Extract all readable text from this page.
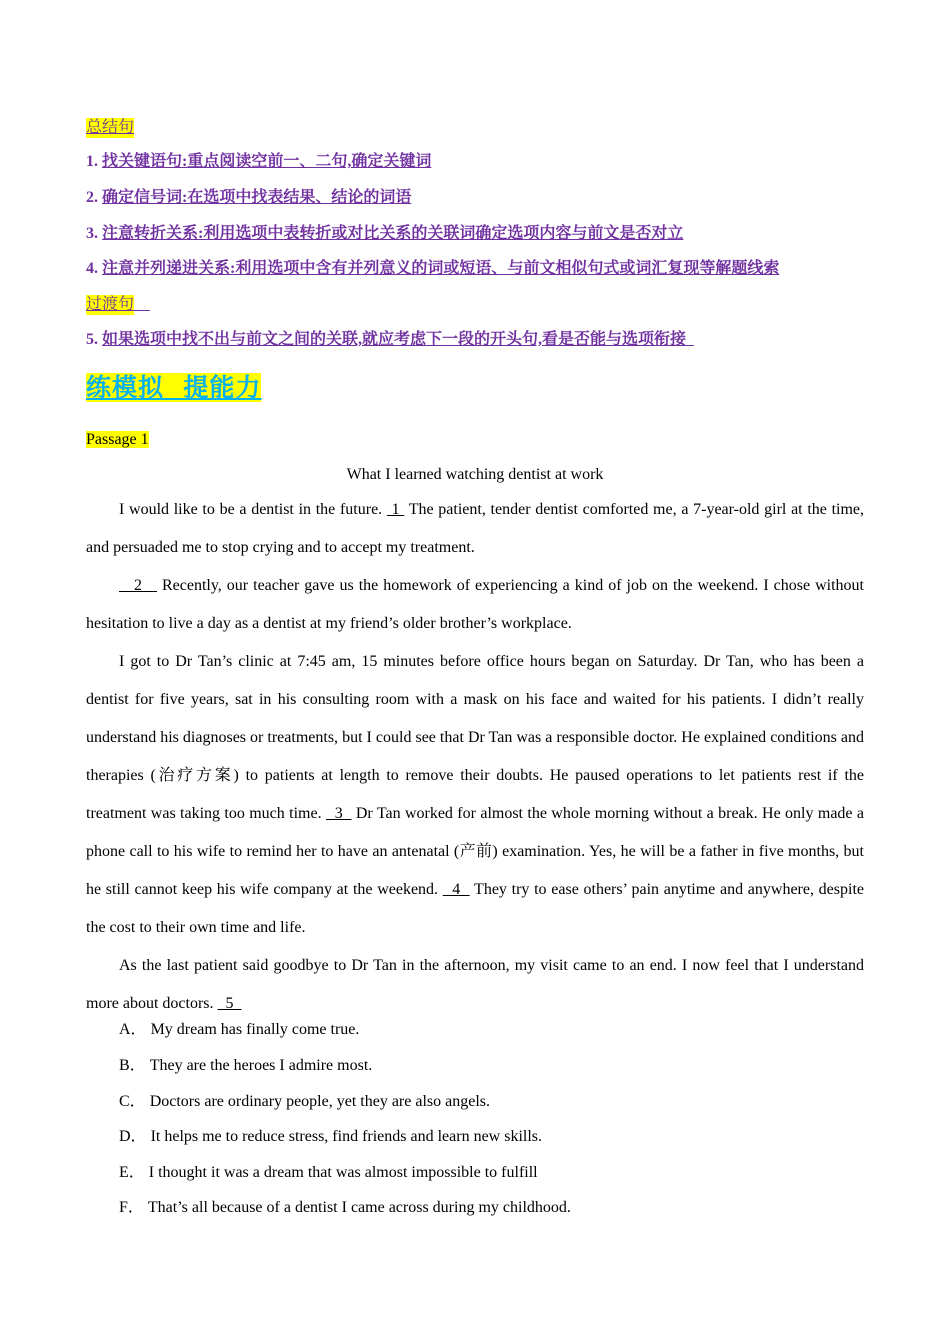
总结句
1. 找关键语句:重点阅读空前一、二句,确定关键词
2. 确定信号词:在选项中找表结果、结论的词语
3. 注意转折关系:利用选项中表转折或对比关系的关联词确定选项内容与前文是否对立
4. 注意并列递进关系:利用选项中含有并列意义的词或短语、与前文相似句式或词汇复现等解题线索
过渡句
5. 如果选项中找不出与前文之间的关联,就应考虑下一段的开头句,看是否能与选项衔接
练模拟  提能力
Passage 1
What I learned watching dentist at work

I would like to be a dentist in the future.  1  The patient, tender dentist comforted me, a 7-year-old girl at the time, and persuaded me to stop crying and to accept my treatment.

2    Recently, our teacher gave us the homework of experiencing a kind of job on the weekend. I chose without hesitation to live a day as a dentist at my friend’s older brother’s workplace.

I got to Dr Tan’s clinic at 7:45 am, 15 minutes before office hours began on Saturday. Dr Tan, who has been a dentist for five years, sat in his consulting room with a mask on his face and waited for his patients. I didn’t really understand his diagnoses or treatments, but I could see that Dr Tan was a responsible doctor. He explained conditions and therapies (治疗方案) to patients at length to remove their doubts. He paused operations to let patients rest if the treatment was taking too much time.   3   Dr Tan worked for almost the whole morning without a break. He only made a phone call to his wife to remind her to have an antenatal (产前) examination. Yes, he will be a father in five months, but he still cannot keep his wife company at the weekend.   4   They try to ease others’ pain anytime and anywhere, despite the cost to their own time and life.

As the last patient said goodbye to Dr Tan in the afternoon, my visit came to an end. I now feel that I understand more about doctors.   5

A． My dream has finally come true.
B． They are the heroes I admire most.
C． Doctors are ordinary people, yet they are also angels.
D． It helps me to reduce stress, find friends and learn new skills.
E． I thought it was a dream that was almost impossible to fulfill
F． That’s all because of a dentist I came across during my childhood.
